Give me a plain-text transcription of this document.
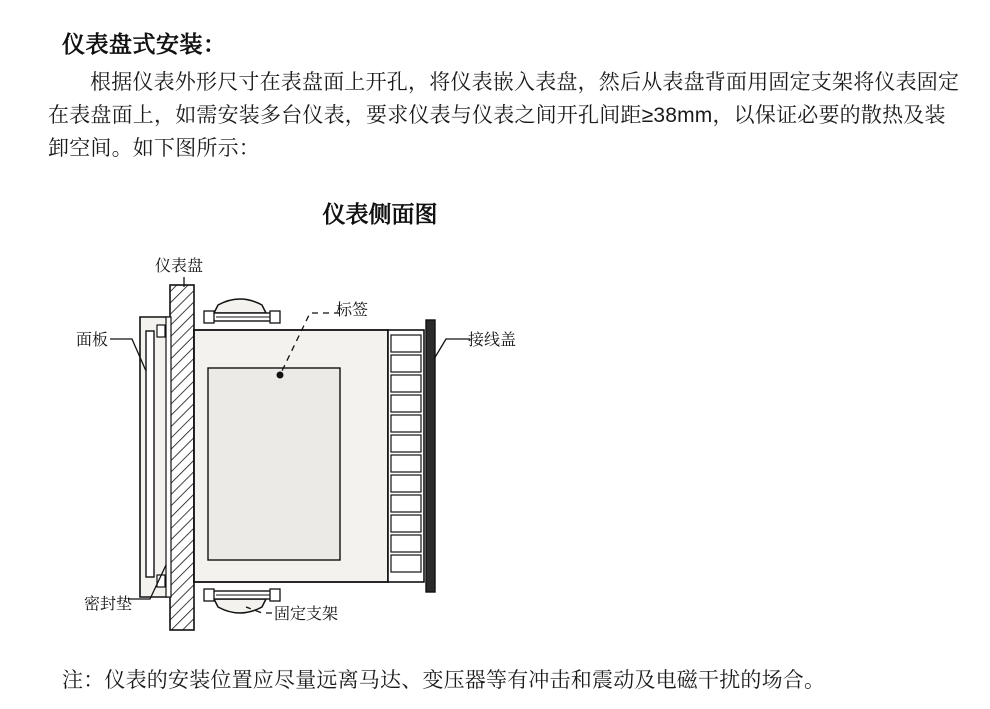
仪表盘式安装：
根据仪表外形尺寸在表盘面上开孔，将仪表嵌入表盘，然后从表盘背面用固定支架将仪表固定在表盘面上，如需安装多台仪表，要求仪表与仪表之间开孔间距≥38mm，以保证必要的散热及装卸空间。如下图所示：
仪表侧面图
仪表盘
面板
标签
接线盖
密封垫
固定支架
注：仪表的安装位置应尽量远离马达、变压器等有冲击和震动及电磁干扰的场合。
